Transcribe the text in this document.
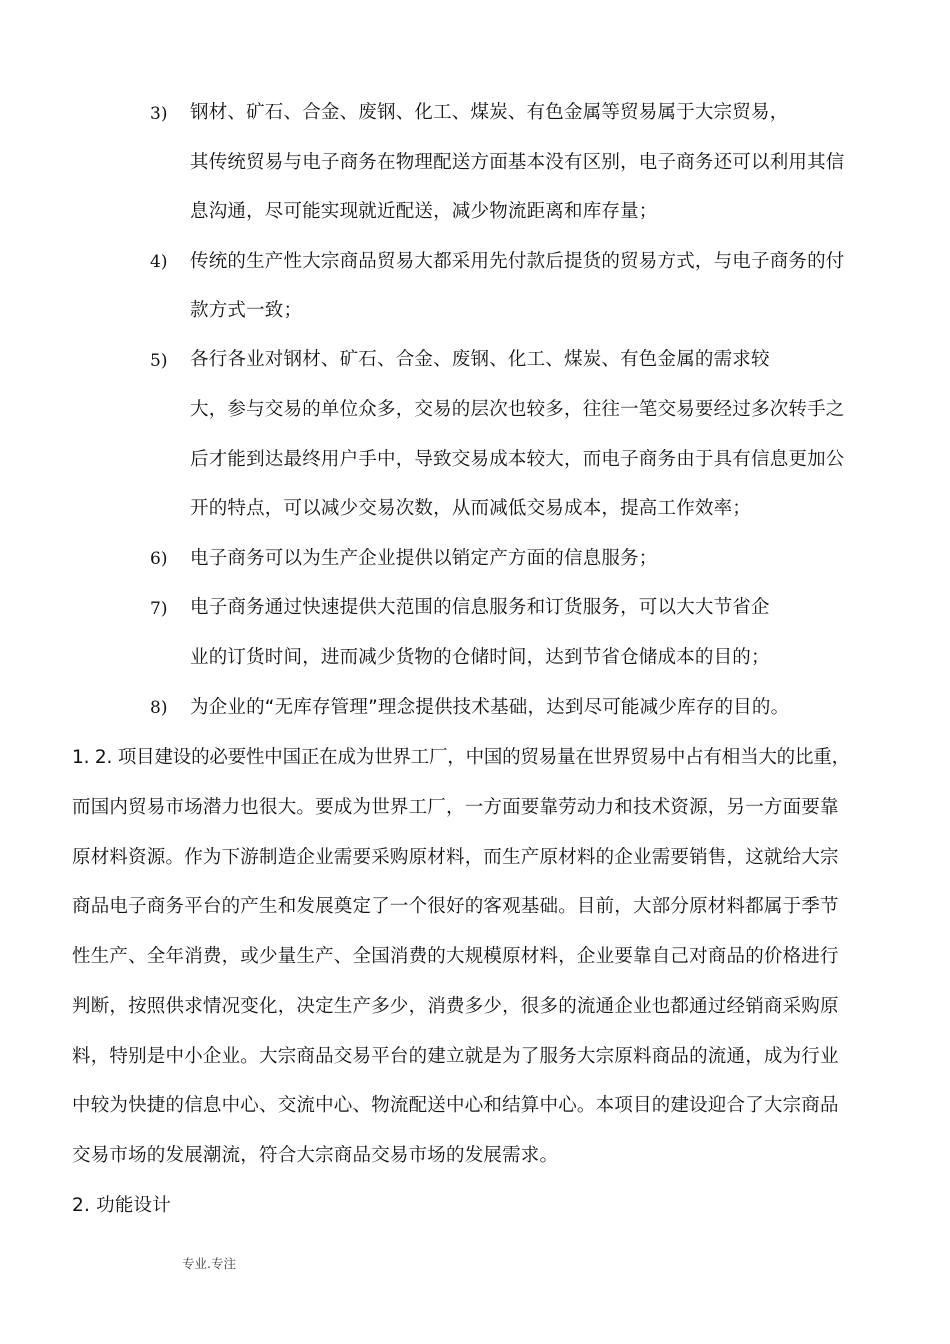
3) 钢材、矿石、合金、废钢、化工、煤炭、有色金属等贸易属于大宗贸易，
其传统贸易与电子商务在物理配送方面基本没有区别，电子商务还可以利用其信
息沟通，尽可能实现就近配送，减少物流距离和库存量；
4) 传统的生产性大宗商品贸易大都采用先付款后提货的贸易方式，与电子商务的付
款方式一致；
5) 各行各业对钢材、矿石、合金、废钢、化工、煤炭、有色金属的需求较
大，参与交易的单位众多，交易的层次也较多，往往一笔交易要经过多次转手之
后才能到达最终用户手中，导致交易成本较大，而电子商务由于具有信息更加公
开的特点，可以减少交易次数，从而减低交易成本，提高工作效率；
6) 电子商务可以为生产企业提供以销定产方面的信息服务；
7) 电子商务通过快速提供大范围的信息服务和订货服务，可以大大节省企
业的订货时间，进而减少货物的仓储时间，达到节省仓储成本的目的；
8) 为企业的“无库存管理”理念提供技术基础，达到尽可能减少库存的目的。
1. 2. 项目建设的必要性中国正在成为世界工厂，中国的贸易量在世界贸易中占有相当大的比重，
而国内贸易市场潜力也很大。要成为世界工厂，一方面要靠劳动力和技术资源，另一方面要靠
原材料资源。作为下游制造企业需要采购原材料，而生产原材料的企业需要销售，这就给大宗
商品电子商务平台的产生和发展奠定了一个很好的客观基础。目前，大部分原材料都属于季节
性生产、全年消费，或少量生产、全国消费的大规模原材料，企业要靠自己对商品的价格进行
判断，按照供求情况变化，决定生产多少，消费多少，很多的流通企业也都通过经销商采购原
料，特别是中小企业。大宗商品交易平台的建立就是为了服务大宗原料商品的流通，成为行业
中较为快捷的信息中心、交流中心、物流配送中心和结算中心。本项目的建设迎合了大宗商品
交易市场的发展潮流，符合大宗商品交易市场的发展需求。
2. 功能设计
专业.专注
